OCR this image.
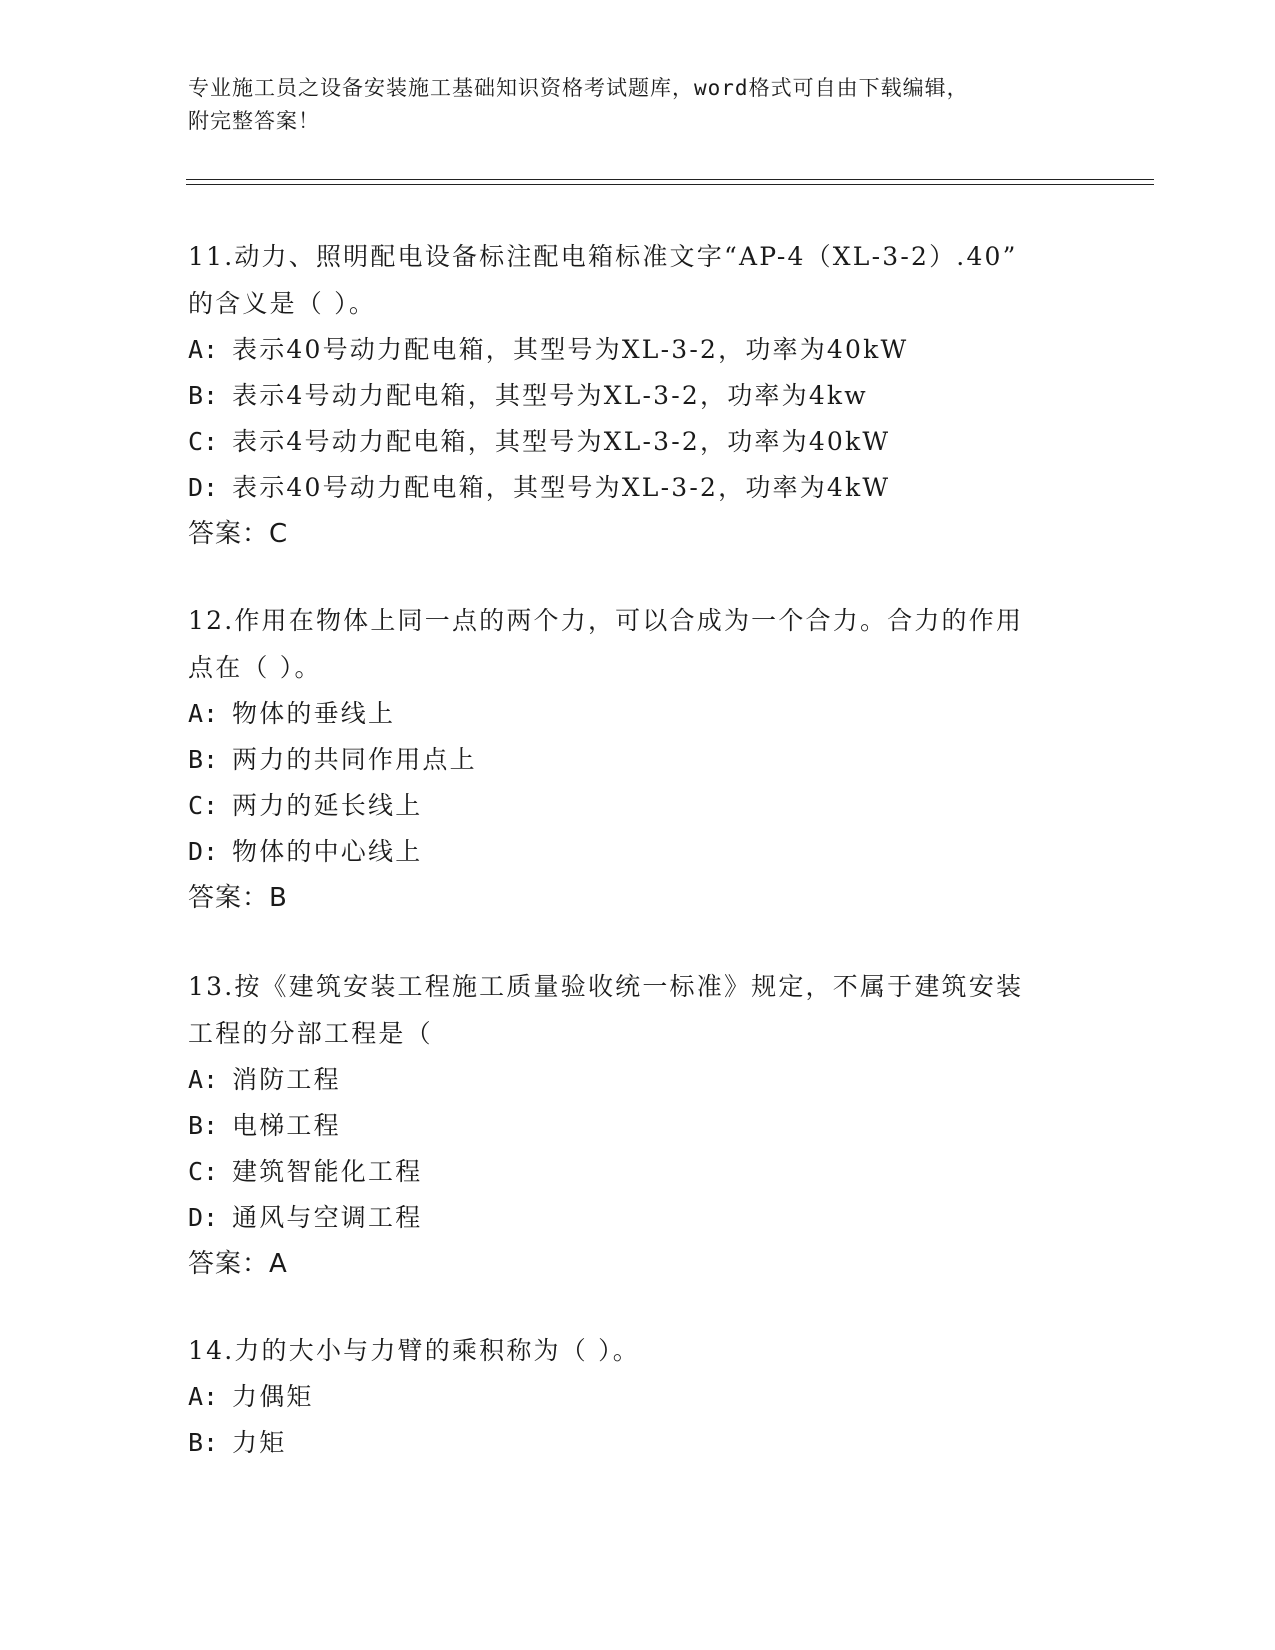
专业施工员之设备安装施工基础知识资格考试题库，word格式可自由下载编辑，
附完整答案！

11.动力、照明配电设备标注配电箱标准文字“AP-4（XL-3-2）.40”

的含义是（ ）。

A: 表示40号动力配电箱，其型号为XL-3-2，功率为40kW

B: 表示4号动力配电箱，其型号为XL-3-2，功率为4kw

C: 表示4号动力配电箱，其型号为XL-3-2，功率为40kW

D: 表示40号动力配电箱，其型号为XL-3-2，功率为4kW

答案：C

12.作用在物体上同一点的两个力，可以合成为一个合力。合力的作用

点在（ ）。

A: 物体的垂线上

B: 两力的共同作用点上

C: 两力的延长线上

D: 物体的中心线上

答案：B

13.按《建筑安装工程施工质量验收统一标准》规定，不属于建筑安装

工程的分部工程是（

A: 消防工程

B: 电梯工程

C: 建筑智能化工程

D: 通风与空调工程

答案：A

14.力的大小与力臂的乘积称为（ ）。

A: 力偶矩

B: 力矩
